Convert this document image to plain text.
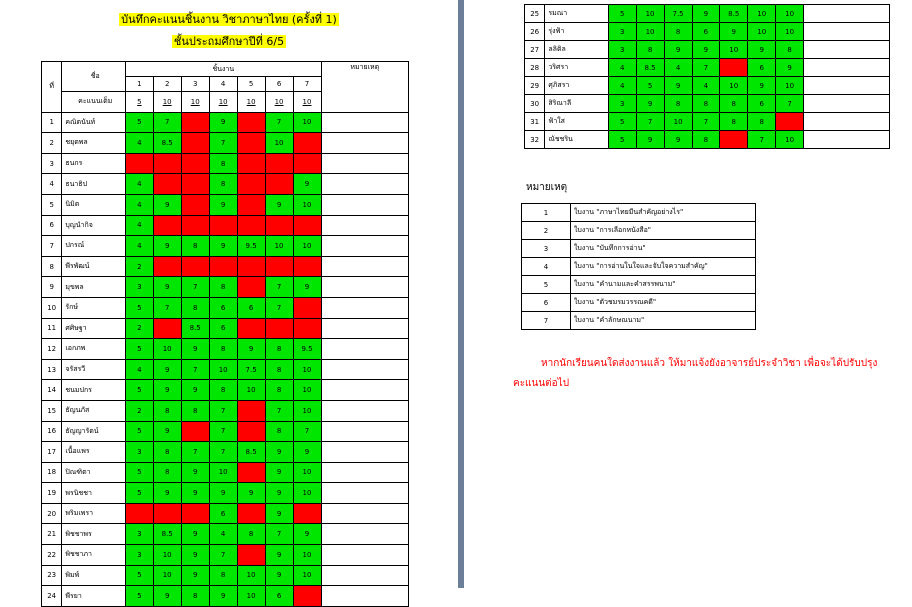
บันทึกคะแนนชิ้นงาน วิชาภาษาไทย (ครั้งที่ 1)
ชั้นประถมศึกษาปีที่ 6/5
ที่	ชื่อ	ชิ้นงาน							หมายเหตุ
		1	2	3	4	5	6	7	
	คะแนนเต็ม	5	10	10	10	10	10	10	
1	คณิตนันท์	5	7		9		7	10	
2	ชยุตพล	4	8.5		7		10		
3	ธนกร				8				
4	ธนาธิป	4			8			9	
5	นิมิต	4	9		9		9	10	
6	บุญนำกิจ	4							
7	ปกรณ์	4	9	8	9	9.5	10	10	
8	พีรพัฒน์	2							
9	มุขพล	3	9	7	8		7	9	
10	รักษ์	5	7	8	6	6	7		
11	ศศิษฐา	2		8.5	6				
12	เอกภพ	5	10	9	8	9	8	9.5	
13	จรัสรวี	4	9	7	10	7.5	8	10	
14	ชนมปกร	5	9	9	8	10	8	10	
15	ธัญนภัส	2	8	8	7		7	10	
16	ธัญญารัตน์	5	9		7		8	7	
17	เนื้อแพร	3	8	7	7	8.5	9	9	
18	ปิณฑิตา	5	8	9	10		9	10	
19	พรนิชชา	5	9	9	9	9	9	10	
20	พริมเพรา				6		9		
21	พิชชาพร	3	8.5	9	4	8	7	9	
22	พิชชาภา	3	10	9	7		9	10	
23	พิมพ์	5	10	9	8	10	9	10	
24	พีรยา	5	9	8	9	10	6		
25	รมณา	5	10	7.5	9	8.5	10	10	
26	รุ่งฟ้า	3	10	8	6	9	10	10	
27	ลลิติล	3	8	9	9	10	9	8	
28	วริศรา	4	8.5	4	7		6	9	
29	ศุภิสรา	4	5	9	4	10	9	10	
30	สิริณาลี	3	9	8	8	8	6	7	
31	ฟ้าใส	5	7	10	7	8	8		
32	ณัชชริน	5	9	9	8		7	10	
หมายเหตุ
1	ใบงาน "ภาษาไทยมีนสำคัญอย่างไร"
2	ใบงาน "การเลือกหนังสือ"
3	ใบงาน "บันทึกการอ่าน"
4	ใบงาน "การอ่านในใจและจับใจความสำคัญ"
5	ใบงาน "คำนามและคำสรรพนาม"
6	ใบงาน "ตัวชมรมวรรณคดี"
7	ใบงาน "คำลักษณนาม"
หากนักเรียนคนใดส่งงานแล้ว ให้มาแจ้งยังอาจารย์ประจำวิชา เพื่อจะได้ปรับปรุงคะแนนต่อไป
